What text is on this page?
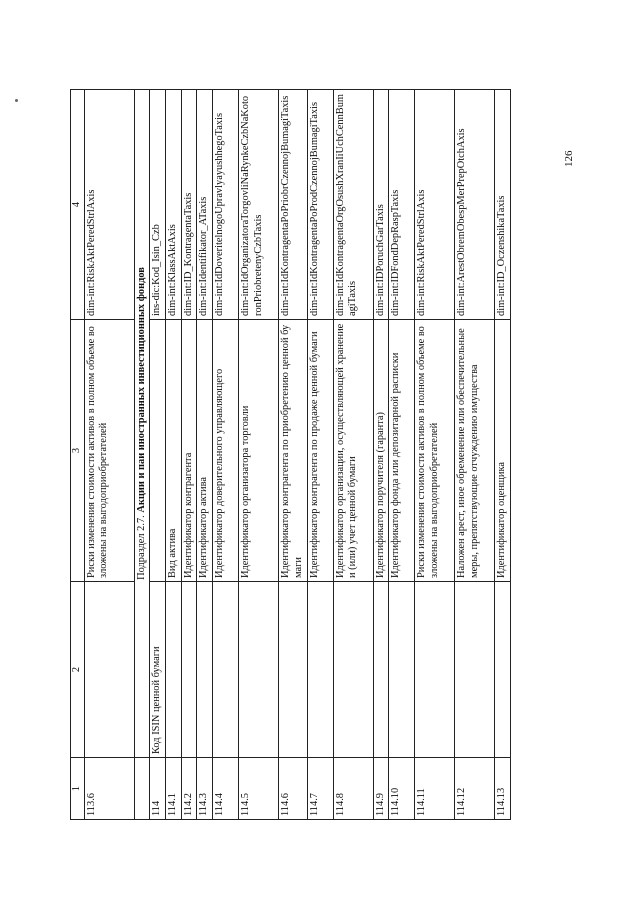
1	2	3	4
113.6		Риски изменения стоимости активов в полном объеме возложены на выгодоприобретателей	dim-int:RiskAktPeredStrlAxis

	Подраздел 2.7. Акции и паи иностранных инвестиционных фондов		
114	Код ISIN ценной бумаги		ins-dic:Kod_Isin_Czb
114.1		Вид актива	dim-int:KlassAktAxis
114.2		Идентификатор контрагента	dim-int:ID_KontragentaTaxis
114.3		Идентификатор актива	dim-int:Identifikator_ATaxis
114.4		Идентификатор доверительного управляющего	dim-int:IdDoveritelnogoUpravlyayushhegoTaxis
114.5		Идентификатор организатора торговли	dim-int:IdOrganizatoraTorgovliNaRynkeCzbNaKotoronPriobretenyCzbTaxis
114.6		Идентификатор контрагента по приобретению ценной бумаги	dim-int:IdKontragentaPoPriobrCzennojBumagiTaxis
114.7		Идентификатор контрагента по продаже ценной бумаги	dim-int:IdKontragentaPoProdCzennojBumagiTaxis
114.8		Идентификатор организации, осуществляющей хранение и (или) учет ценной бумаги	dim-int:IdKontragentaOrgOsushXranIiUchCennBumagiTaxis
114.9		Идентификатор поручителя (гаранта)	dim-int:IDPoruchGarTaxis
114.10		Идентификатор фонда или депозитарной расписки	dim-int:IDFondDepRaspTaxis
114.11		Риски изменения стоимости активов в полном объеме возложены на выгодоприобретателей	dim-int:RiskAktPeredStrlAxis
114.12		Наложен арест, иное обременение или обеспечительные меры, препятствующие отчуждению имущества	dim-int:ArestObremObespMerPrepOtchAxis
114.13		Идентификатор оценщика	dim-int:ID_OczenshikaTaxis
126
